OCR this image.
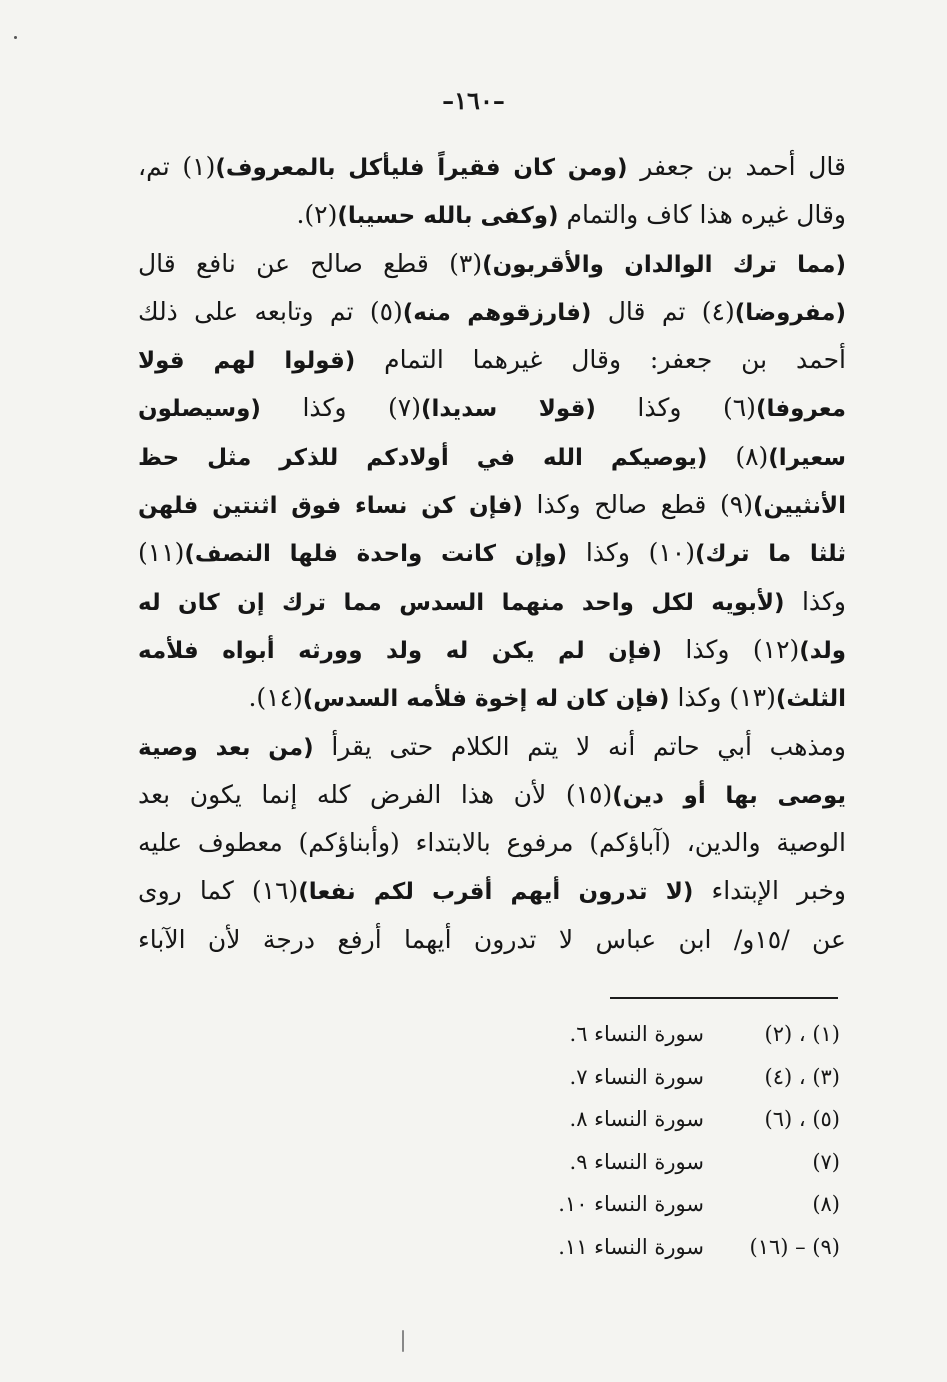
–١٦٠–
قال أحمد بن جعفر (ومن كان فقيراً فليأكل بالمعروف)(١) تم،
وقال غيره هذا كاف والتمام (وكفى بالله حسيبا)(٢).
(مما ترك الوالدان والأقربون)(٣) قطع صالح عن نافع قال
(مفروضا)(٤) تم قال (فارزقوهم منه)(٥) تم وتابعه على ذلك
أحمد بن جعفر: وقال غيرهما التمام (قولوا لهم قولا
معروفا)(٦) وكذا (قولا سديدا)(٧) وكذا (وسيصلون
سعيرا)(٨) (يوصيكم الله في أولادكم للذكر مثل حظ
الأنثيين)(٩) قطع صالح وكذا (فإن كن نساء فوق اثنتين فلهن
ثلثا ما ترك)(١٠) وكذا (وإن كانت واحدة فلها النصف)(١١)
وكذا (لأبويه لكل واحد منهما السدس مما ترك إن كان له
ولد)(١٢) وكذا (فإن لم يكن له ولد وورثه أبواه فلأمه
الثلث)(١٣) وكذا (فإن كان له إخوة فلأمه السدس)(١٤).
ومذهب أبي حاتم أنه لا يتم الكلام حتى يقرأ (من بعد وصية
يوصى بها أو دين)(١٥) لأن هذا الفرض كله إنما يكون بعد
الوصية والدين، (آباؤكم) مرفوع بالابتداء (وأبناؤكم) معطوف عليه
وخبر الإبتداء (لا تدرون أيهم أقرب لكم نفعا)(١٦) كما روى
عن /١٥و/ ابن عباس لا تدرون أيهما أرفع درجة لأن الآباء
(١) ، (٢)
سورة النساء ٦.
(٣) ، (٤)
سورة النساء ٧.
(٥) ، (٦)
سورة النساء ٨.
(٧)
سورة النساء ٩.
(٨)
سورة النساء ١٠.
(٩) – (١٦)
سورة النساء ١١.
